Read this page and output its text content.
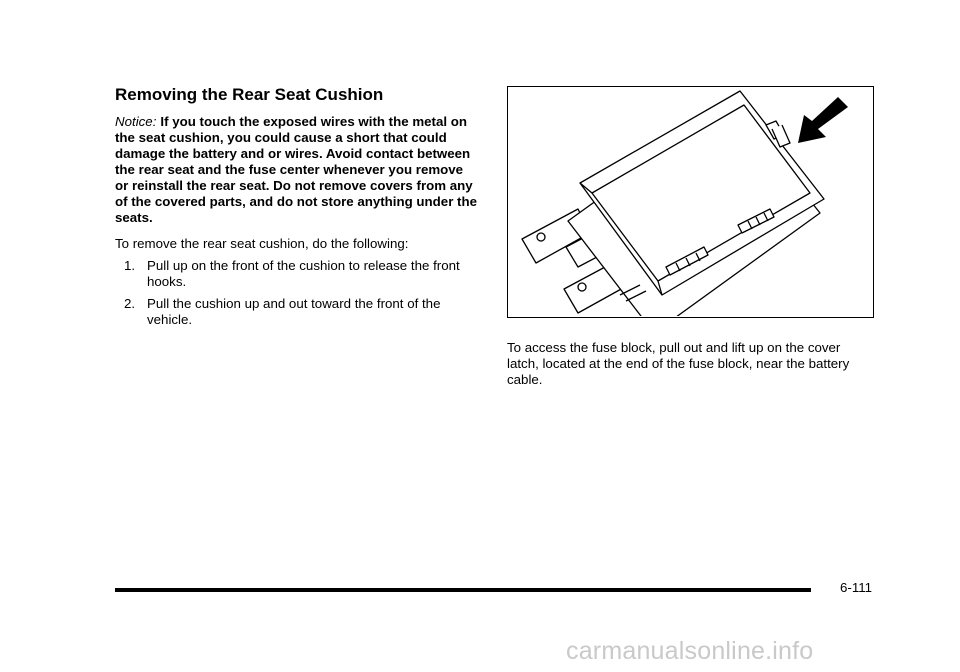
Removing the Rear Seat Cushion

Notice: If you touch the exposed wires with the metal on the seat cushion, you could cause a short that could damage the battery and or wires. Avoid contact between the rear seat and the fuse center whenever you remove or reinstall the rear seat. Do not remove covers from any of the covered parts, and do not store anything under the seats.

To remove the rear seat cushion, do the following:

1. Pull up on the front of the cushion to release the front hooks.
2. Pull the cushion up and out toward the front of the vehicle.

To access the fuse block, pull out and lift up on the cover latch, located at the end of the fuse block, near the battery cable.

6-111
carmanualsonline.info
